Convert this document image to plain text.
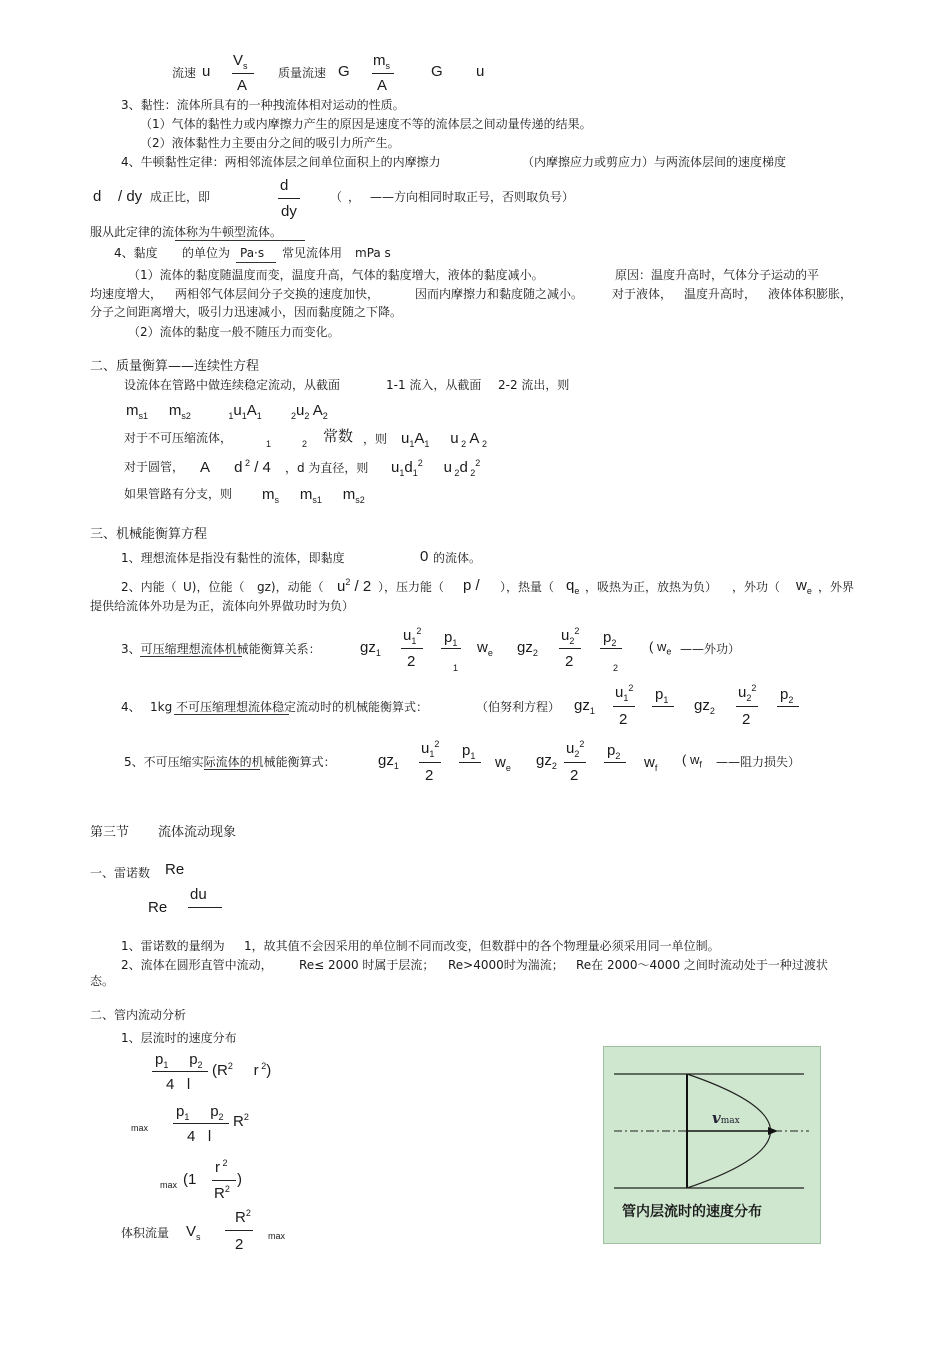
流速 u
$V_s$
A
质量流速 G
$m_s$
A
G u
3、黏性：流体所具有的一种拽流体相对运动的性质。
（1）气体的黏性力或内摩擦力产生的原因是速度不等的流体层之间动量传递的结果。
（2）液体黏性力主要由分之间的吸引力所产生。
4、牛顿黏性定律：两相邻流体层之间单位面积上的内摩擦力	（内摩擦应力或剪应力）与两流体层间的速度梯度
d / dy 成正比，即
d
dy
（ ， ——方向相同时取正号，否则取负号）
服从此定律的流体称为牛顿型流体。
4、黏度 的单位为 Pa·s 常见流体用 mPa s
（1）流体的黏度随温度而变，温度升高，气体的黏度增大，液体的黏度减小。	原因：温度升高时，气体分子运动的平
均速度增大， 两相邻气体层间分子交换的速度加快，	因而内摩擦力和黏度随之减小。 对于液体， 温度升高时， 液体体积膨胀，
分子之间距离增大，吸引力迅速减小，因而黏度随之下降。
（2）流体的黏度一般不随压力而变化。
二、质量衡算——连续性方程
设流体在管路中做连续稳定流动，从截面	1-1 流入，从截面 2-2 流出，则
$m_{s1}$     $m_{s2}$	$_1u_1A_1$	$_2u_2$ $A_2$
对于不可压缩流体，	1	2 常数 ，则 $u_1A_1$     u $_2$ A $_2$
对于圆管， A      d $^2$ / 4 ，d 为直径，则 $u_1d_1^2$     u $_2$d $_2^2$
如果管路有分支，则 $m_s$     $m_{s1}$     $m_{s2}$
三、机械能衡算方程
1、理想流体是指没有黏性的流体，即黏度	0 的流体。
2、内能（ U)，位能（ gz)，动能（ $u^2 / 2$ ），压力能（ p / ），热量（ $q_e$ ，吸热为正，放热为负） ，外功（ $w_e$ ，外界
提供给流体外功是为正，流体向外界做功时为负）
3、可压缩理想流体机械能衡算关系：	$gz_1$
$u_1^2$
2
$p_1$
1
$w_e$ $gz_2$
$u_2^2$
2
$p_2$
2
( $w_e$ ——外功）
4、 1kg 不可压缩理想流体稳定流动时的机械能衡算式：	（伯努利方程） $gz_1$
$u_1^2$
2
$p_1$ $gz_2$
$u_2^2$
2
$p_2$
5、不可压缩实际流体的机械能衡算式：	$gz_1$
$u_1^2$
2
$p_1$ $w_e$ $gz_2$
$u_2^2$
2
$p_2$ $w_f$
( $w_f$ ——阻力损失）
第三节 流体流动现象
一、雷诺数 Re
Re
du
1、雷诺数的量纲为 1，故其值不会因采用的单位制不同而改变，但数群中的各个物理量必须采用同一单位制。
2、流体在圆形直管中流动， Re≤ 2000 时属于层流； Re>4000时为湍流； Re在 2000～4000 之间时流动处于一种过渡状
态。
二、管内流动分析
1、层流时的速度分布
$p_1$     $p_2$
4   l
($R^2$     r $^2$)
max
$p_1$     $p_2$
4   l
$R^2$
max (1
r $^2$
$R^2$
)
体积流量 $V_s$
$R^2$
2	max
vmax
管内层流时的速度分布
